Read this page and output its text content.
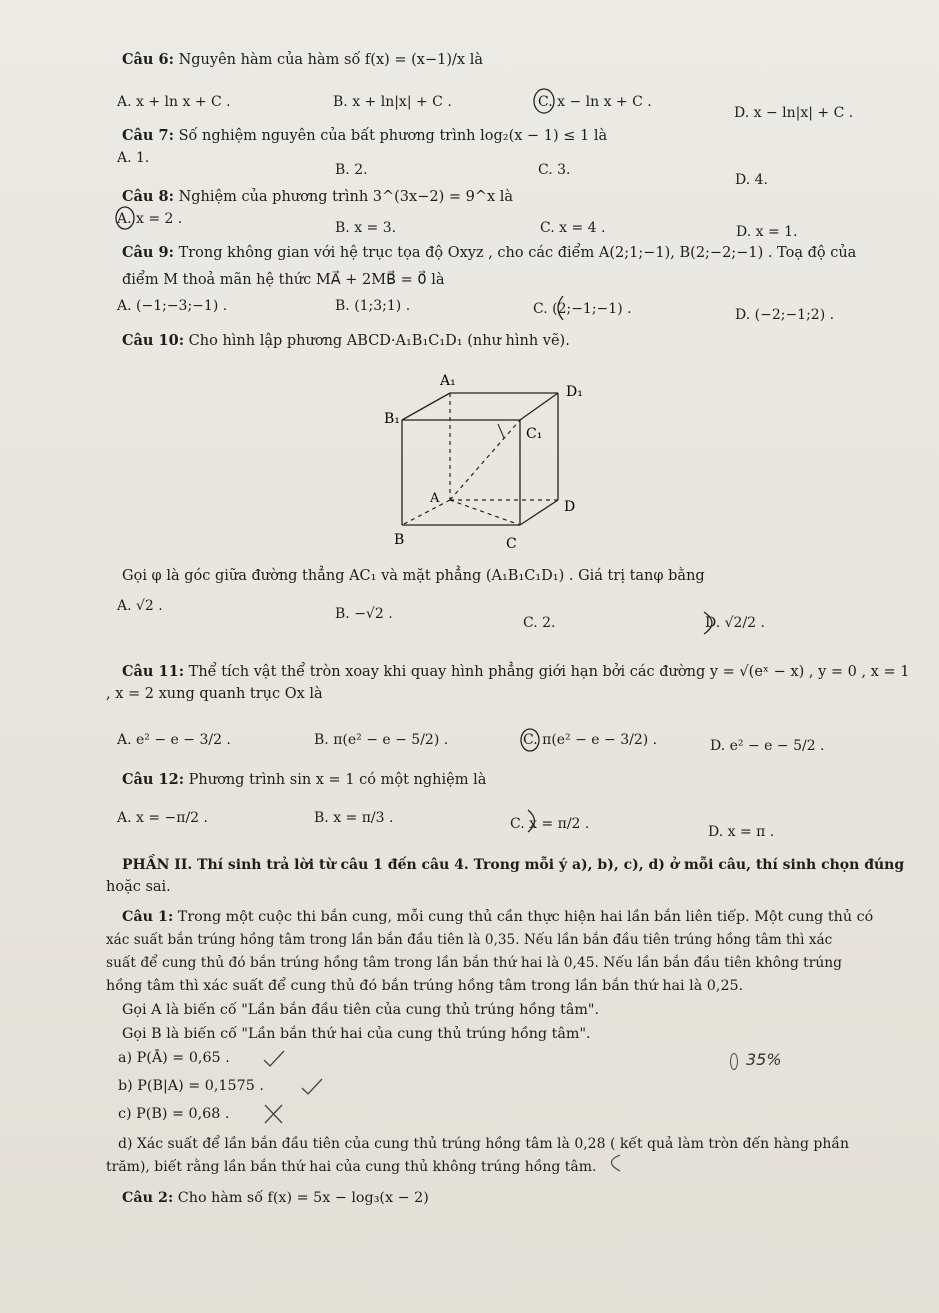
Câu 6: Nguyên hàm của hàm số f(x) = (x−1)/x là
A. x + ln x + C .	B. x + ln|x| + C .	C. x − ln x + C .
D. x − ln|x| + C .
Câu 7: Số nghiệm nguyên của bất phương trình log₂(x − 1) ≤ 1 là
A. 1.
B. 2.	C. 3.
D. 4.
Câu 8: Nghiệm của phương trình 3^(3x−2) = 9^x là
A. x = 2 .
B. x = 3.	C. x = 4 .	D. x = 1.
Câu 9: Trong không gian với hệ trục tọa độ Oxyz , cho các điểm A(2;1;−1), B(2;−2;−1) . Toạ độ của
điểm M thoả mãn hệ thức MA⃗ + 2MB⃗ = 0⃗ là
A. (−1;−3;−1) .	B. (1;3;1) .	C. (2;−1;−1) .	D. (−2;−1;2) .
Câu 10: Cho hình lập phương ABCD·A₁B₁C₁D₁ (như hình vẽ).
A₁
D₁
B₁
C₁
A
D
B	C
Gọi φ là góc giữa đường thẳng AC₁ và mặt phẳng (A₁B₁C₁D₁) . Giá trị tanφ bằng
A. √2 .	B. −√2 .
C. 2.	D. √2/2 .
Câu 11: Thể tích vật thể tròn xoay khi quay hình phẳng giới hạn bởi các đường y = √(eˣ − x) , y = 0 , x = 1
, x = 2 xung quanh trục Ox là
A. e² − e − 3/2 .	B. π(e² − e − 5/2) .	C. π(e² − e − 3/2) .	D. e² − e − 5/2 .
Câu 12: Phương trình sin x = 1 có một nghiệm là
A. x = −π/2 .	B. x = π/3 .	C. x = π/2 .	D. x = π .
PHẦN II. Thí sinh trả lời từ câu 1 đến câu 4. Trong mỗi ý a), b), c), d) ở mỗi câu, thí sinh chọn đúng
hoặc sai.
Câu 1: Trong một cuộc thi bắn cung, mỗi cung thủ cần thực hiện hai lần bắn liên tiếp. Một cung thủ có
xác suất bắn trúng hồng tâm trong lần bắn đầu tiên là 0,35. Nếu lần bắn đầu tiên trúng hồng tâm thì xác
suất để cung thủ đó bắn trúng hồng tâm trong lần bắn thứ hai là 0,45. Nếu lần bắn đầu tiên không trúng
hồng tâm thì xác suất để cung thủ đó bắn trúng hồng tâm trong lần bắn thứ hai là 0,25.
Gọi A là biến cố "Lần bắn đầu tiên của cung thủ trúng hồng tâm".
Gọi B là biến cố "Lần bắn thứ hai của cung thủ trúng hồng tâm".
a) P(Ā) = 0,65 .
b) P(B|A) = 0,1575 .
c) P(B) = 0,68 .
35%
d) Xác suất để lần bắn đầu tiên của cung thủ trúng hồng tâm là 0,28 ( kết quả làm tròn đến hàng phần
trăm), biết rằng lần bắn thứ hai của cung thủ không trúng hồng tâm.
Câu 2: Cho hàm số f(x) = 5x − log₃(x − 2)
